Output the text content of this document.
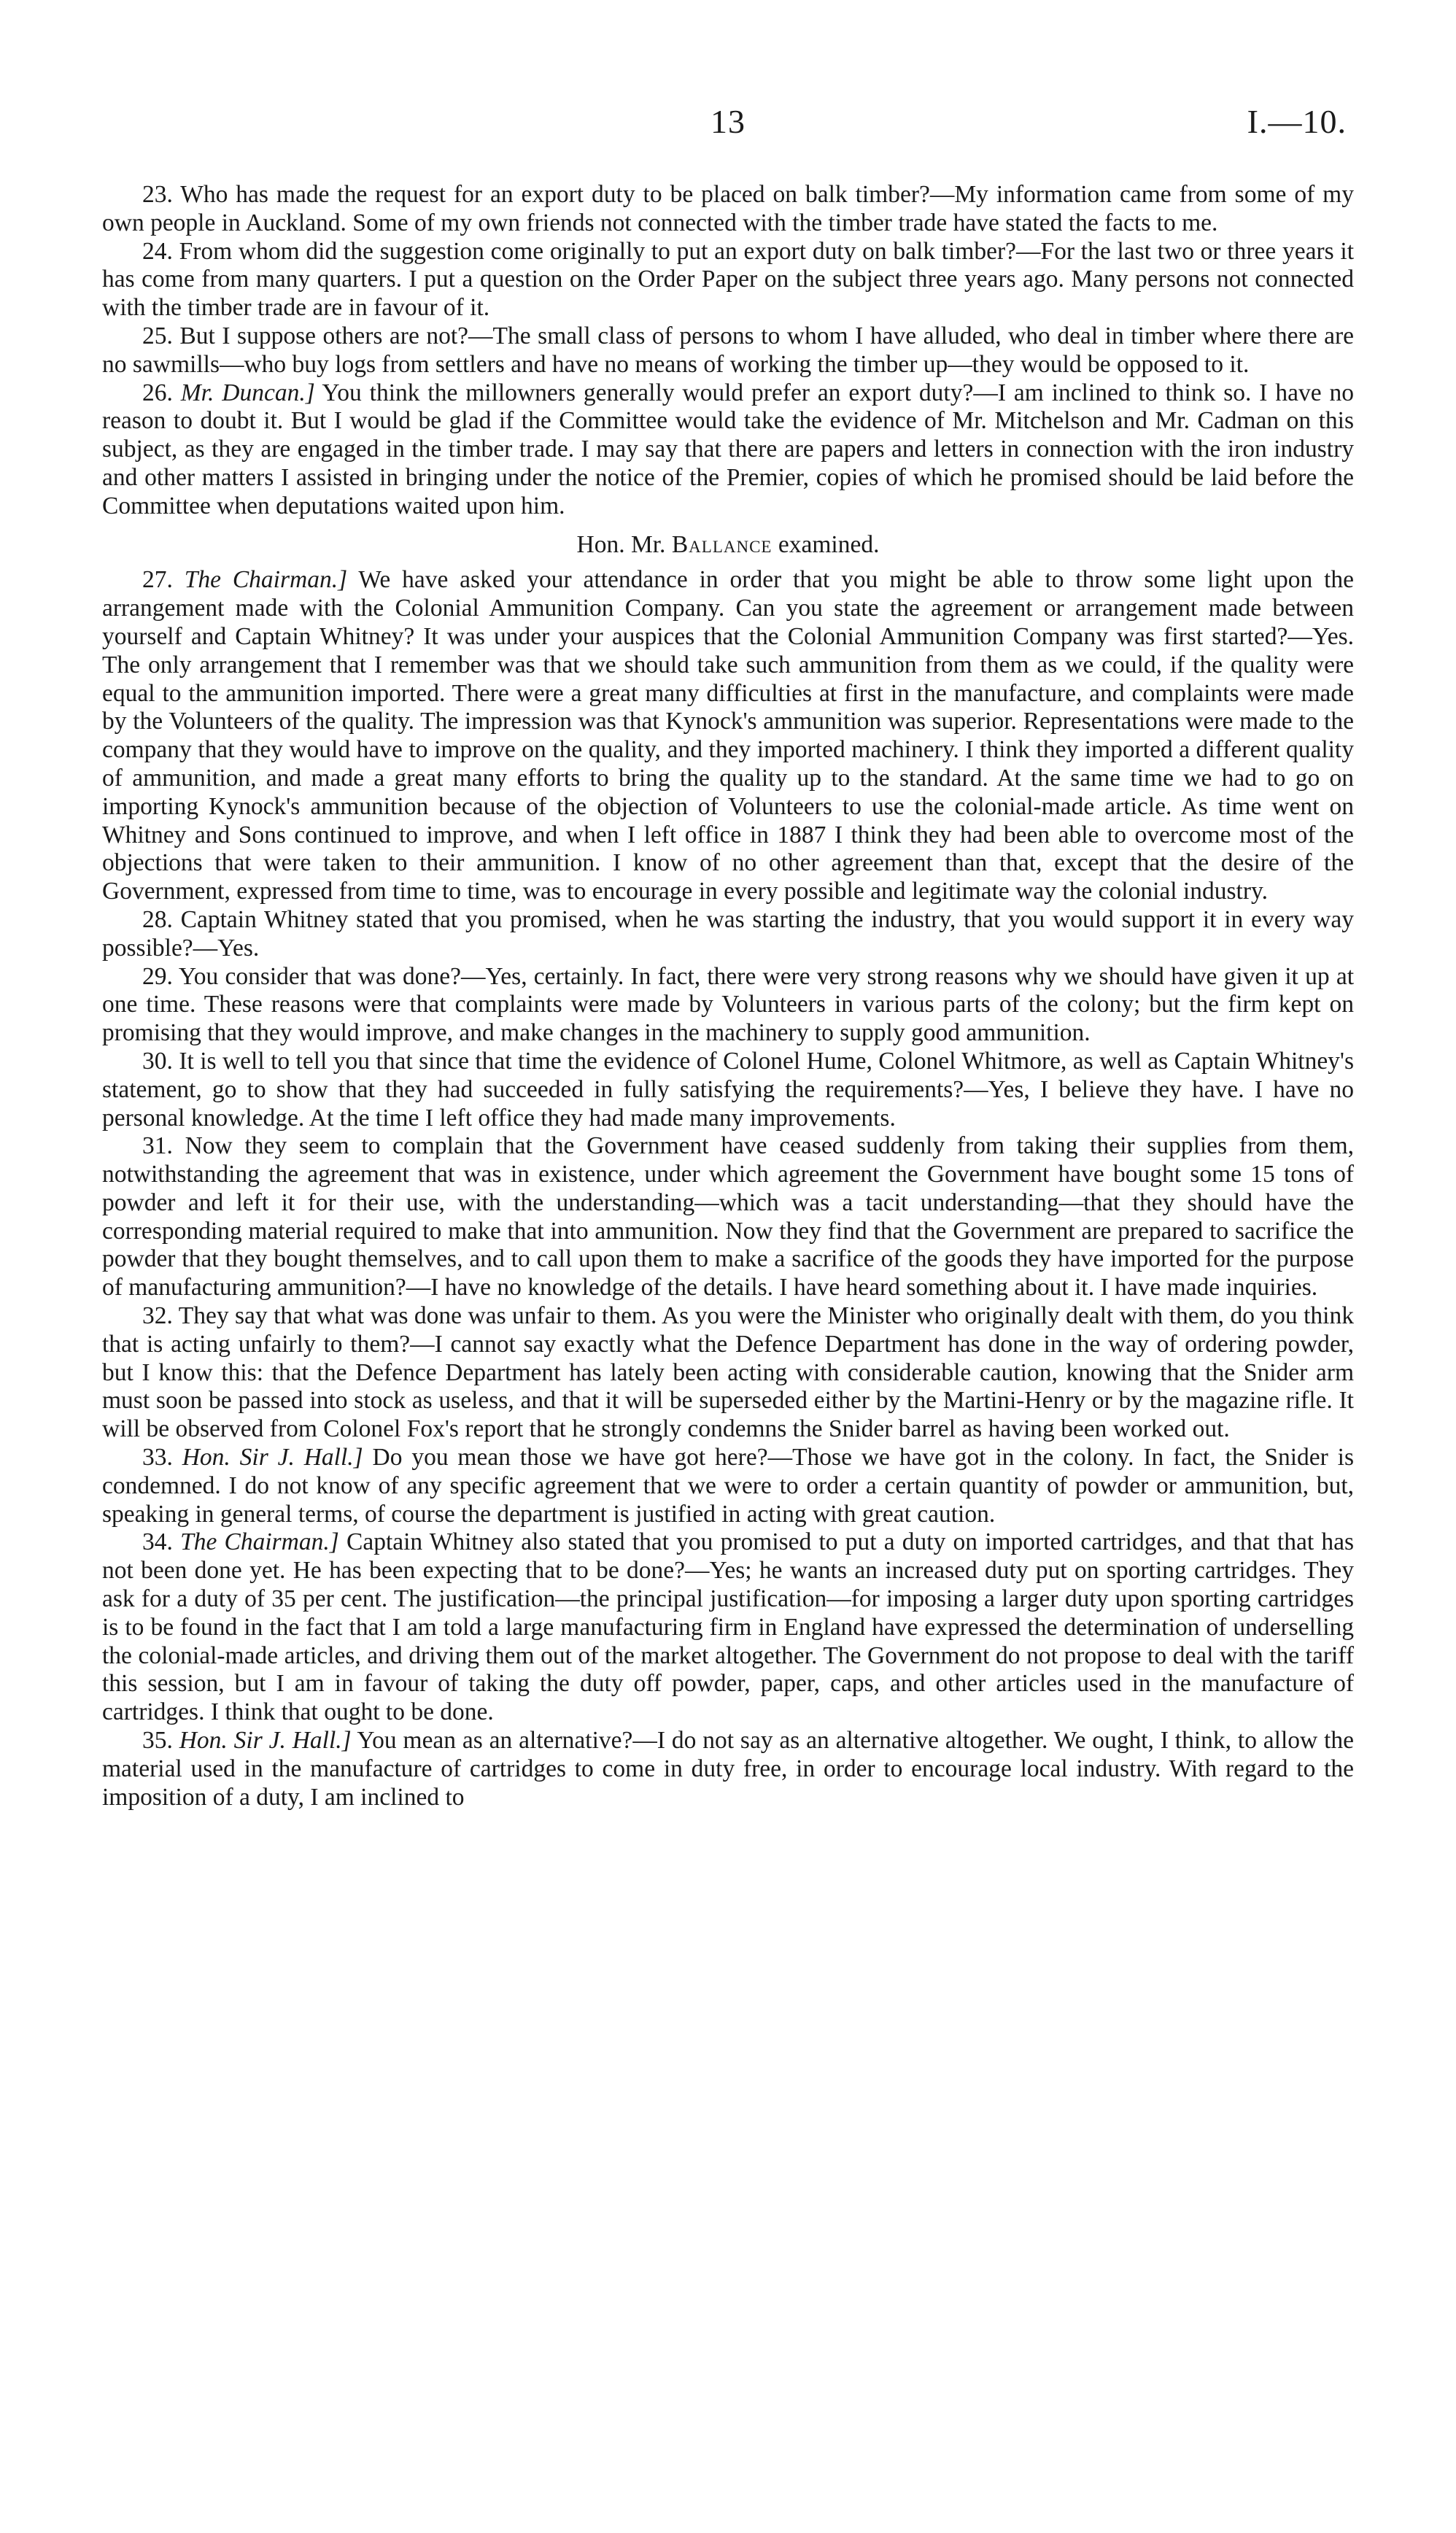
13	I.—10.

23. Who has made the request for an export duty to be placed on balk timber?—My information came from some of my own people in Auckland. Some of my own friends not connected with the timber trade have stated the facts to me.

24. From whom did the suggestion come originally to put an export duty on balk timber?—For the last two or three years it has come from many quarters. I put a question on the Order Paper on the subject three years ago. Many persons not connected with the timber trade are in favour of it.

25. But I suppose others are not?—The small class of persons to whom I have alluded, who deal in timber where there are no sawmills—who buy logs from settlers and have no means of working the timber up—they would be opposed to it.

26. Mr. Duncan.] You think the millowners generally would prefer an export duty?—I am inclined to think so. I have no reason to doubt it. But I would be glad if the Committee would take the evidence of Mr. Mitchelson and Mr. Cadman on this subject, as they are engaged in the timber trade. I may say that there are papers and letters in connection with the iron industry and other matters I assisted in bringing under the notice of the Premier, copies of which he promised should be laid before the Committee when deputations waited upon him.

Hon. Mr. Ballance examined.

27. The Chairman.] We have asked your attendance in order that you might be able to throw some light upon the arrangement made with the Colonial Ammunition Company. Can you state the agreement or arrangement made between yourself and Captain Whitney? It was under your auspices that the Colonial Ammunition Company was first started?—Yes. The only arrangement that I remember was that we should take such ammunition from them as we could, if the quality were equal to the ammunition imported. There were a great many difficulties at first in the manufacture, and complaints were made by the Volunteers of the quality. The impression was that Kynock's ammunition was superior. Representations were made to the company that they would have to improve on the quality, and they imported machinery. I think they imported a different quality of ammunition, and made a great many efforts to bring the quality up to the standard. At the same time we had to go on importing Kynock's ammunition because of the objection of Volunteers to use the colonial-made article. As time went on Whitney and Sons continued to improve, and when I left office in 1887 I think they had been able to overcome most of the objections that were taken to their ammunition. I know of no other agreement than that, except that the desire of the Government, expressed from time to time, was to encourage in every possible and legitimate way the colonial industry.

28. Captain Whitney stated that you promised, when he was starting the industry, that you would support it in every way possible?—Yes.

29. You consider that was done?—Yes, certainly. In fact, there were very strong reasons why we should have given it up at one time. These reasons were that complaints were made by Volunteers in various parts of the colony; but the firm kept on promising that they would improve, and make changes in the machinery to supply good ammunition.

30. It is well to tell you that since that time the evidence of Colonel Hume, Colonel Whitmore, as well as Captain Whitney's statement, go to show that they had succeeded in fully satisfying the requirements?—Yes, I believe they have. I have no personal knowledge. At the time I left office they had made many improvements.

31. Now they seem to complain that the Government have ceased suddenly from taking their supplies from them, notwithstanding the agreement that was in existence, under which agreement the Government have bought some 15 tons of powder and left it for their use, with the understanding—which was a tacit understanding—that they should have the corresponding material required to make that into ammunition. Now they find that the Government are prepared to sacrifice the powder that they bought themselves, and to call upon them to make a sacrifice of the goods they have imported for the purpose of manufacturing ammunition?—I have no knowledge of the details. I have heard something about it. I have made inquiries.

32. They say that what was done was unfair to them. As you were the Minister who originally dealt with them, do you think that is acting unfairly to them?—I cannot say exactly what the Defence Department has done in the way of ordering powder, but I know this: that the Defence Department has lately been acting with considerable caution, knowing that the Snider arm must soon be passed into stock as useless, and that it will be superseded either by the Martini-Henry or by the magazine rifle. It will be observed from Colonel Fox's report that he strongly condemns the Snider barrel as having been worked out.

33. Hon. Sir J. Hall.] Do you mean those we have got here?—Those we have got in the colony. In fact, the Snider is condemned. I do not know of any specific agreement that we were to order a certain quantity of powder or ammunition, but, speaking in general terms, of course the department is justified in acting with great caution.

34. The Chairman.] Captain Whitney also stated that you promised to put a duty on imported cartridges, and that that has not been done yet. He has been expecting that to be done?—Yes; he wants an increased duty put on sporting cartridges. They ask for a duty of 35 per cent. The justification—the principal justification—for imposing a larger duty upon sporting cartridges is to be found in the fact that I am told a large manufacturing firm in England have expressed the determination of underselling the colonial-made articles, and driving them out of the market altogether. The Government do not propose to deal with the tariff this session, but I am in favour of taking the duty off powder, paper, caps, and other articles used in the manufacture of cartridges. I think that ought to be done.

35. Hon. Sir J. Hall.] You mean as an alternative?—I do not say as an alternative altogether. We ought, I think, to allow the material used in the manufacture of cartridges to come in duty free, in order to encourage local industry. With regard to the imposition of a duty, I am inclined to
